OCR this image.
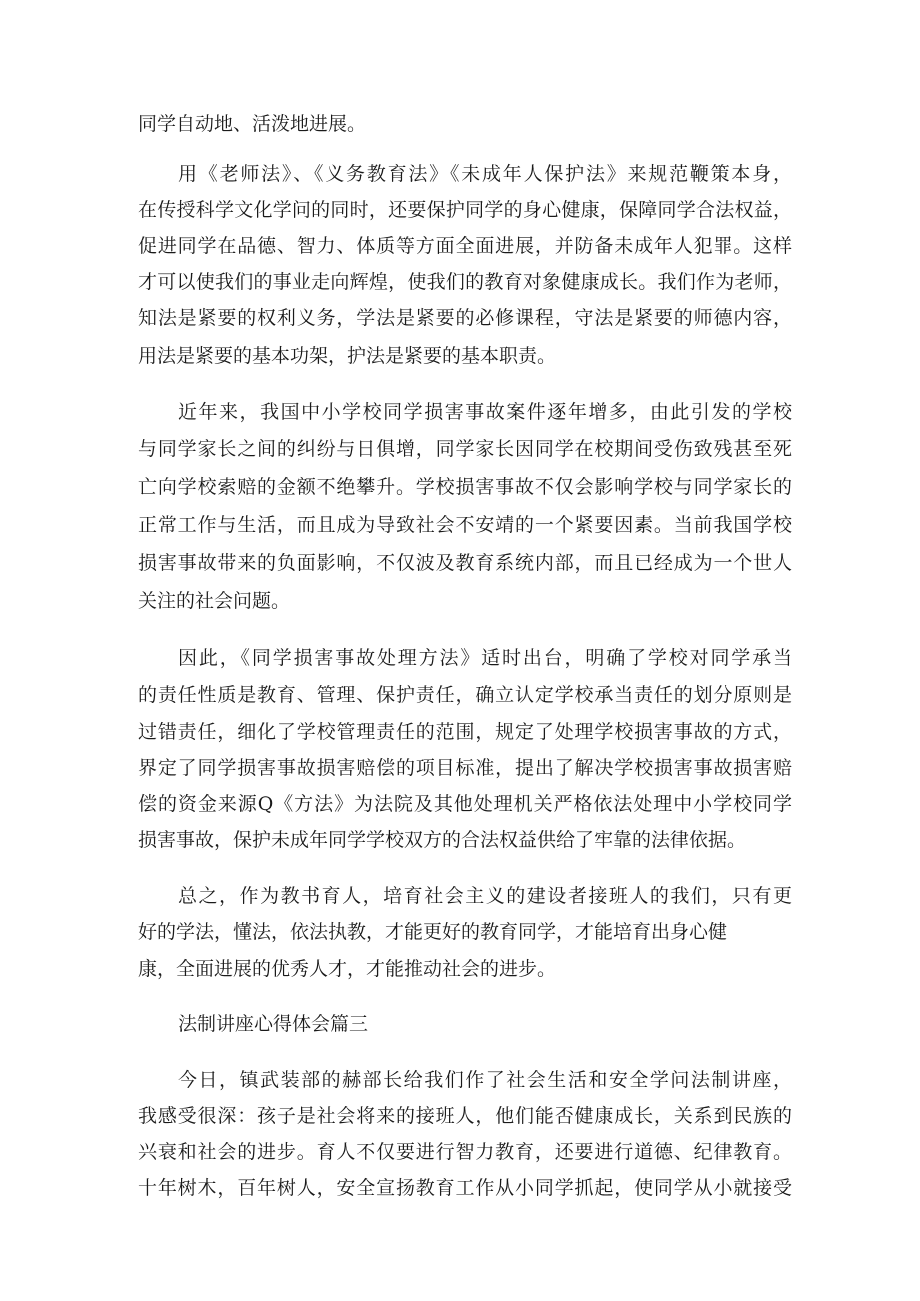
同学自动地、活泼地进展。
用《老师法》、《义务教育法》《未成年人保护法》来规范鞭策本身，
在传授科学文化学问的同时，还要保护同学的身心健康，保障同学合法权益，
促进同学在品德、智力、体质等方面全面进展，并防备未成年人犯罪。这样
才可以使我们的事业走向辉煌，使我们的教育对象健康成长。我们作为老师，
知法是紧要的权利义务，学法是紧要的必修课程，守法是紧要的师德内容，
用法是紧要的基本功架，护法是紧要的基本职责。
近年来，我国中小学校同学损害事故案件逐年增多，由此引发的学校
与同学家长之间的纠纷与日俱增，同学家长因同学在校期间受伤致残甚至死
亡向学校索赔的金额不绝攀升。学校损害事故不仅会影响学校与同学家长的
正常工作与生活，而且成为导致社会不安靖的一个紧要因素。当前我国学校
损害事故带来的负面影响，不仅波及教育系统内部，而且已经成为一个世人
关注的社会问题。
因此，《同学损害事故处理方法》适时出台，明确了学校对同学承当
的责任性质是教育、管理、保护责任，确立认定学校承当责任的划分原则是
过错责任，细化了学校管理责任的范围，规定了处理学校损害事故的方式，
界定了同学损害事故损害赔偿的项目标准，提出了解决学校损害事故损害赔
偿的资金来源Q《方法》为法院及其他处理机关严格依法处理中小学校同学
损害事故，保护未成年同学学校双方的合法权益供给了牢靠的法律依据。
总之，作为教书育人，培育社会主义的建设者接班人的我们，只有更
好的学法，懂法，依法执教，才能更好的教育同学，才能培育出身心健
康，全面进展的优秀人才，才能推动社会的进步。
法制讲座心得体会篇三
今日，镇武装部的赫部长给我们作了社会生活和安全学问法制讲座，
我感受很深：孩子是社会将来的接班人，他们能否健康成长，关系到民族的
兴衰和社会的进步。育人不仅要进行智力教育，还要进行道德、纪律教育。
十年树木，百年树人，安全宣扬教育工作从小同学抓起，使同学从小就接受
